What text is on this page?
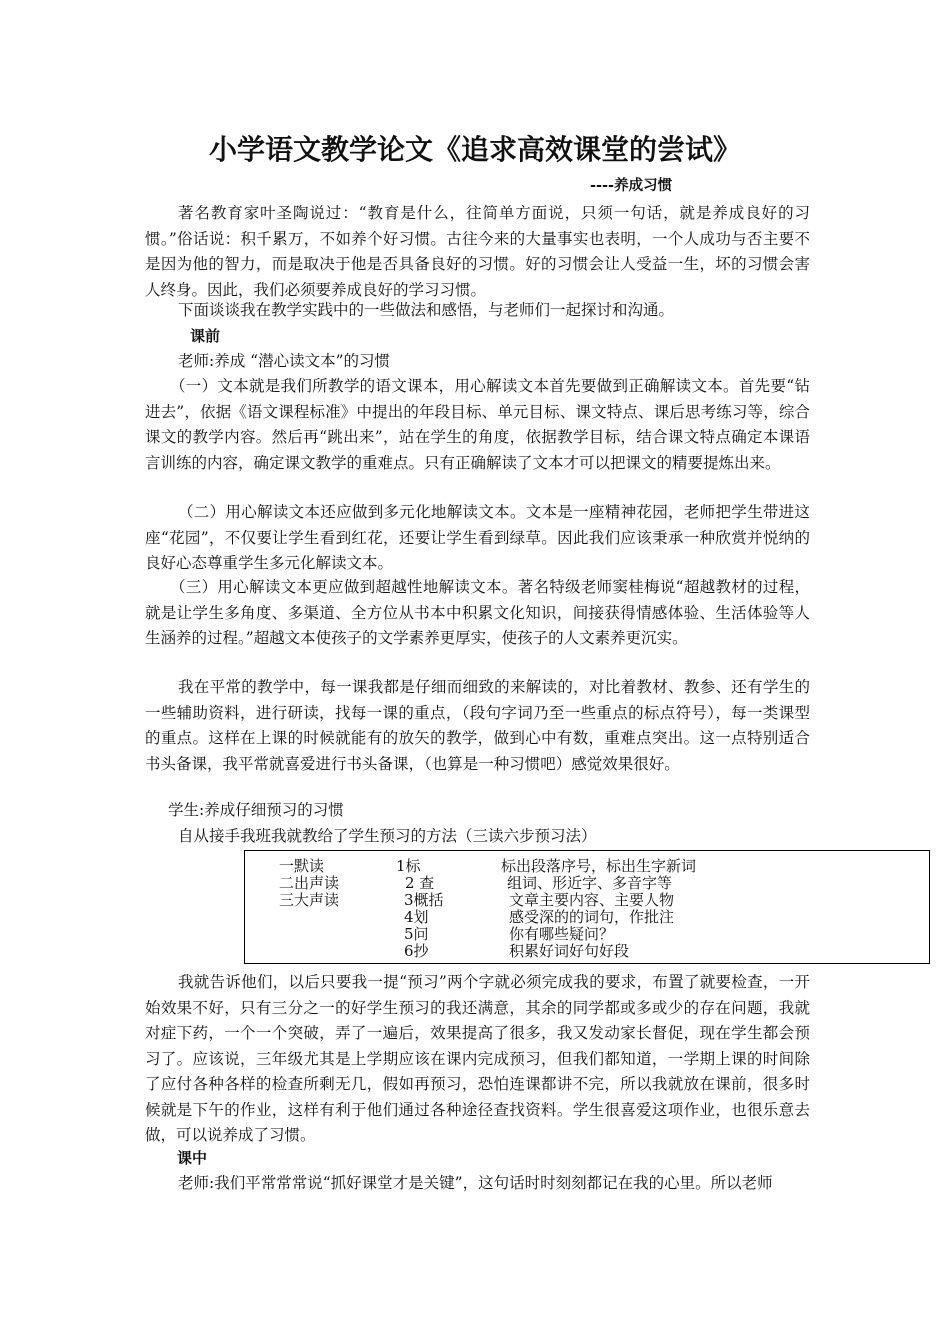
小学语文教学论文《追求高效课堂的尝试》
----养成习惯

著名教育家叶圣陶说过：“教育是什么，往简单方面说，只须一句话，就是养成良好的习惯。”俗话说：积千累万，不如养个好习惯。古往今来的大量事实也表明，一个人成功与否主要不是因为他的智力，而是取决于他是否具备良好的习惯。好的习惯会让人受益一生，坏的习惯会害人终身。因此，我们必须要养成良好的学习习惯。

下面谈谈我在教学实践中的一些做法和感悟，与老师们一起探讨和沟通。

课前

老师:养成 “潜心读文本”的习惯

（一）文本就是我们所教学的语文课本，用心解读文本首先要做到正确解读文本。首先要“钻进去”，依据《语文课程标准》中提出的年段目标、单元目标、课文特点、课后思考练习等，综合课文的教学内容。然后再“跳出来”，站在学生的角度，依据教学目标，结合课文特点确定本课语言训练的内容，确定课文教学的重难点。只有正确解读了文本才可以把课文的精要提炼出来。

（二）用心解读文本还应做到多元化地解读文本。文本是一座精神花园，老师把学生带进这座“花园”，不仅要让学生看到红花，还要让学生看到绿草。因此我们应该秉承一种欣赏并悦纳的良好心态尊重学生多元化解读文本。

（三）用心解读文本更应做到超越性地解读文本。著名特级老师窦桂梅说“超越教材的过程，就是让学生多角度、多渠道、全方位从书本中积累文化知识，间接获得情感体验、生活体验等人生涵养的过程。”超越文本使孩子的文学素养更厚实，使孩子的人文素养更沉实。

我在平常的教学中，每一课我都是仔细而细致的来解读的，对比着教材、教参、还有学生的一些辅助资料，进行研读，找每一课的重点，（段句字词乃至一些重点的标点符号），每一类课型的重点。这样在上课的时候就能有的放矢的教学，做到心中有数，重难点突出。这一点特别适合书头备课，我平常就喜爱进行书头备课，（也算是一种习惯吧）感觉效果很好。

学生:养成仔细预习的习惯

自从接手我班我就教给了学生预习的方法（三读六步预习法）

一默读
二出声读
三大声读
1标
2 查
3概括
4划
5问
6抄
标出段落序号，标出生字新词
组词、形近字、多音字等
文章主要内容、主要人物
感受深的的词句，作批注
你有哪些疑问？
积累好词好句好段

我就告诉他们，以后只要我一提“预习”两个字就必须完成我的要求，布置了就要检查，一开始效果不好，只有三分之一的好学生预习的我还满意，其余的同学都或多或少的存在问题，我就对症下药，一个一个突破，弄了一遍后，效果提高了很多，我又发动家长督促，现在学生都会预习了。应该说，三年级尤其是上学期应该在课内完成预习，但我们都知道，一学期上课的时间除了应付各种各样的检查所剩无几，假如再预习，恐怕连课都讲不完，所以我就放在课前，很多时候就是下午的作业，这样有利于他们通过各种途径查找资料。学生很喜爱这项作业，也很乐意去做，可以说养成了习惯。

课中

老师:我们平常常常说“抓好课堂才是关键”，这句话时时刻刻都记在我的心里。所以老师
